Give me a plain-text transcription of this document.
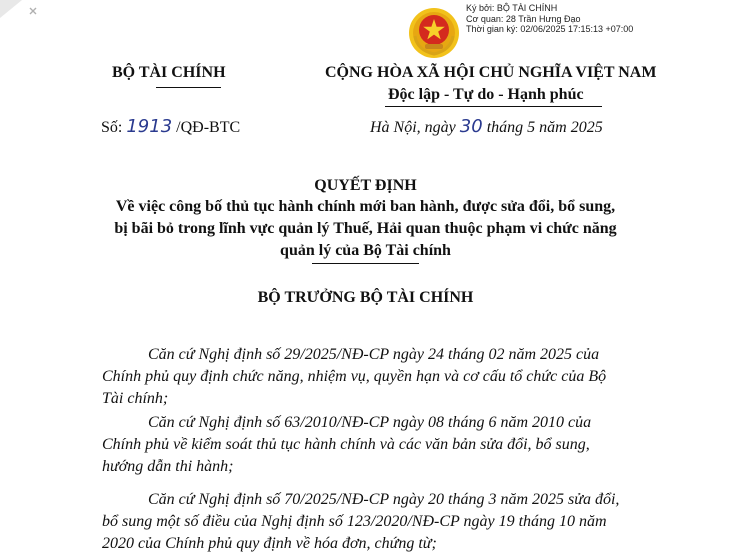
Ký bởi: BỘ TÀI CHÍNH
Cơ quan: 28 Trần Hưng Đạo
Thời gian ký: 02/06/2025 17:15:13 +07:00
BỘ TÀI CHÍNH	CỘNG HÒA XÃ HỘI CHỦ NGHĨA VIỆT NAM
Độc lập - Tự do - Hạnh phúc
Số: 1913 /QĐ-BTC	Hà Nội, ngày 30 tháng 5 năm 2025
QUYẾT ĐỊNH
Về việc công bố thủ tục hành chính mới ban hành, được sửa đổi, bổ sung,
bị bãi bỏ trong lĩnh vực quản lý Thuế, Hải quan thuộc phạm vi chức năng
quản lý của Bộ Tài chính
BỘ TRƯỞNG BỘ TÀI CHÍNH
Căn cứ Nghị định số 29/2025/NĐ-CP ngày 24 tháng 02 năm 2025 của
Chính phủ quy định chức năng, nhiệm vụ, quyền hạn và cơ cấu tổ chức của Bộ
Tài chính;
Căn cứ Nghị định số 63/2010/NĐ-CP ngày 08 tháng 6 năm 2010 của
Chính phủ về kiểm soát thủ tục hành chính và các văn bản sửa đổi, bổ sung,
hướng dẫn thi hành;
Căn cứ Nghị định số 70/2025/NĐ-CP ngày 20 tháng 3 năm 2025 sửa đổi,
bổ sung một số điều của Nghị định số 123/2020/NĐ-CP ngày 19 tháng 10 năm
2020 của Chính phủ quy định về hóa đơn, chứng từ;
